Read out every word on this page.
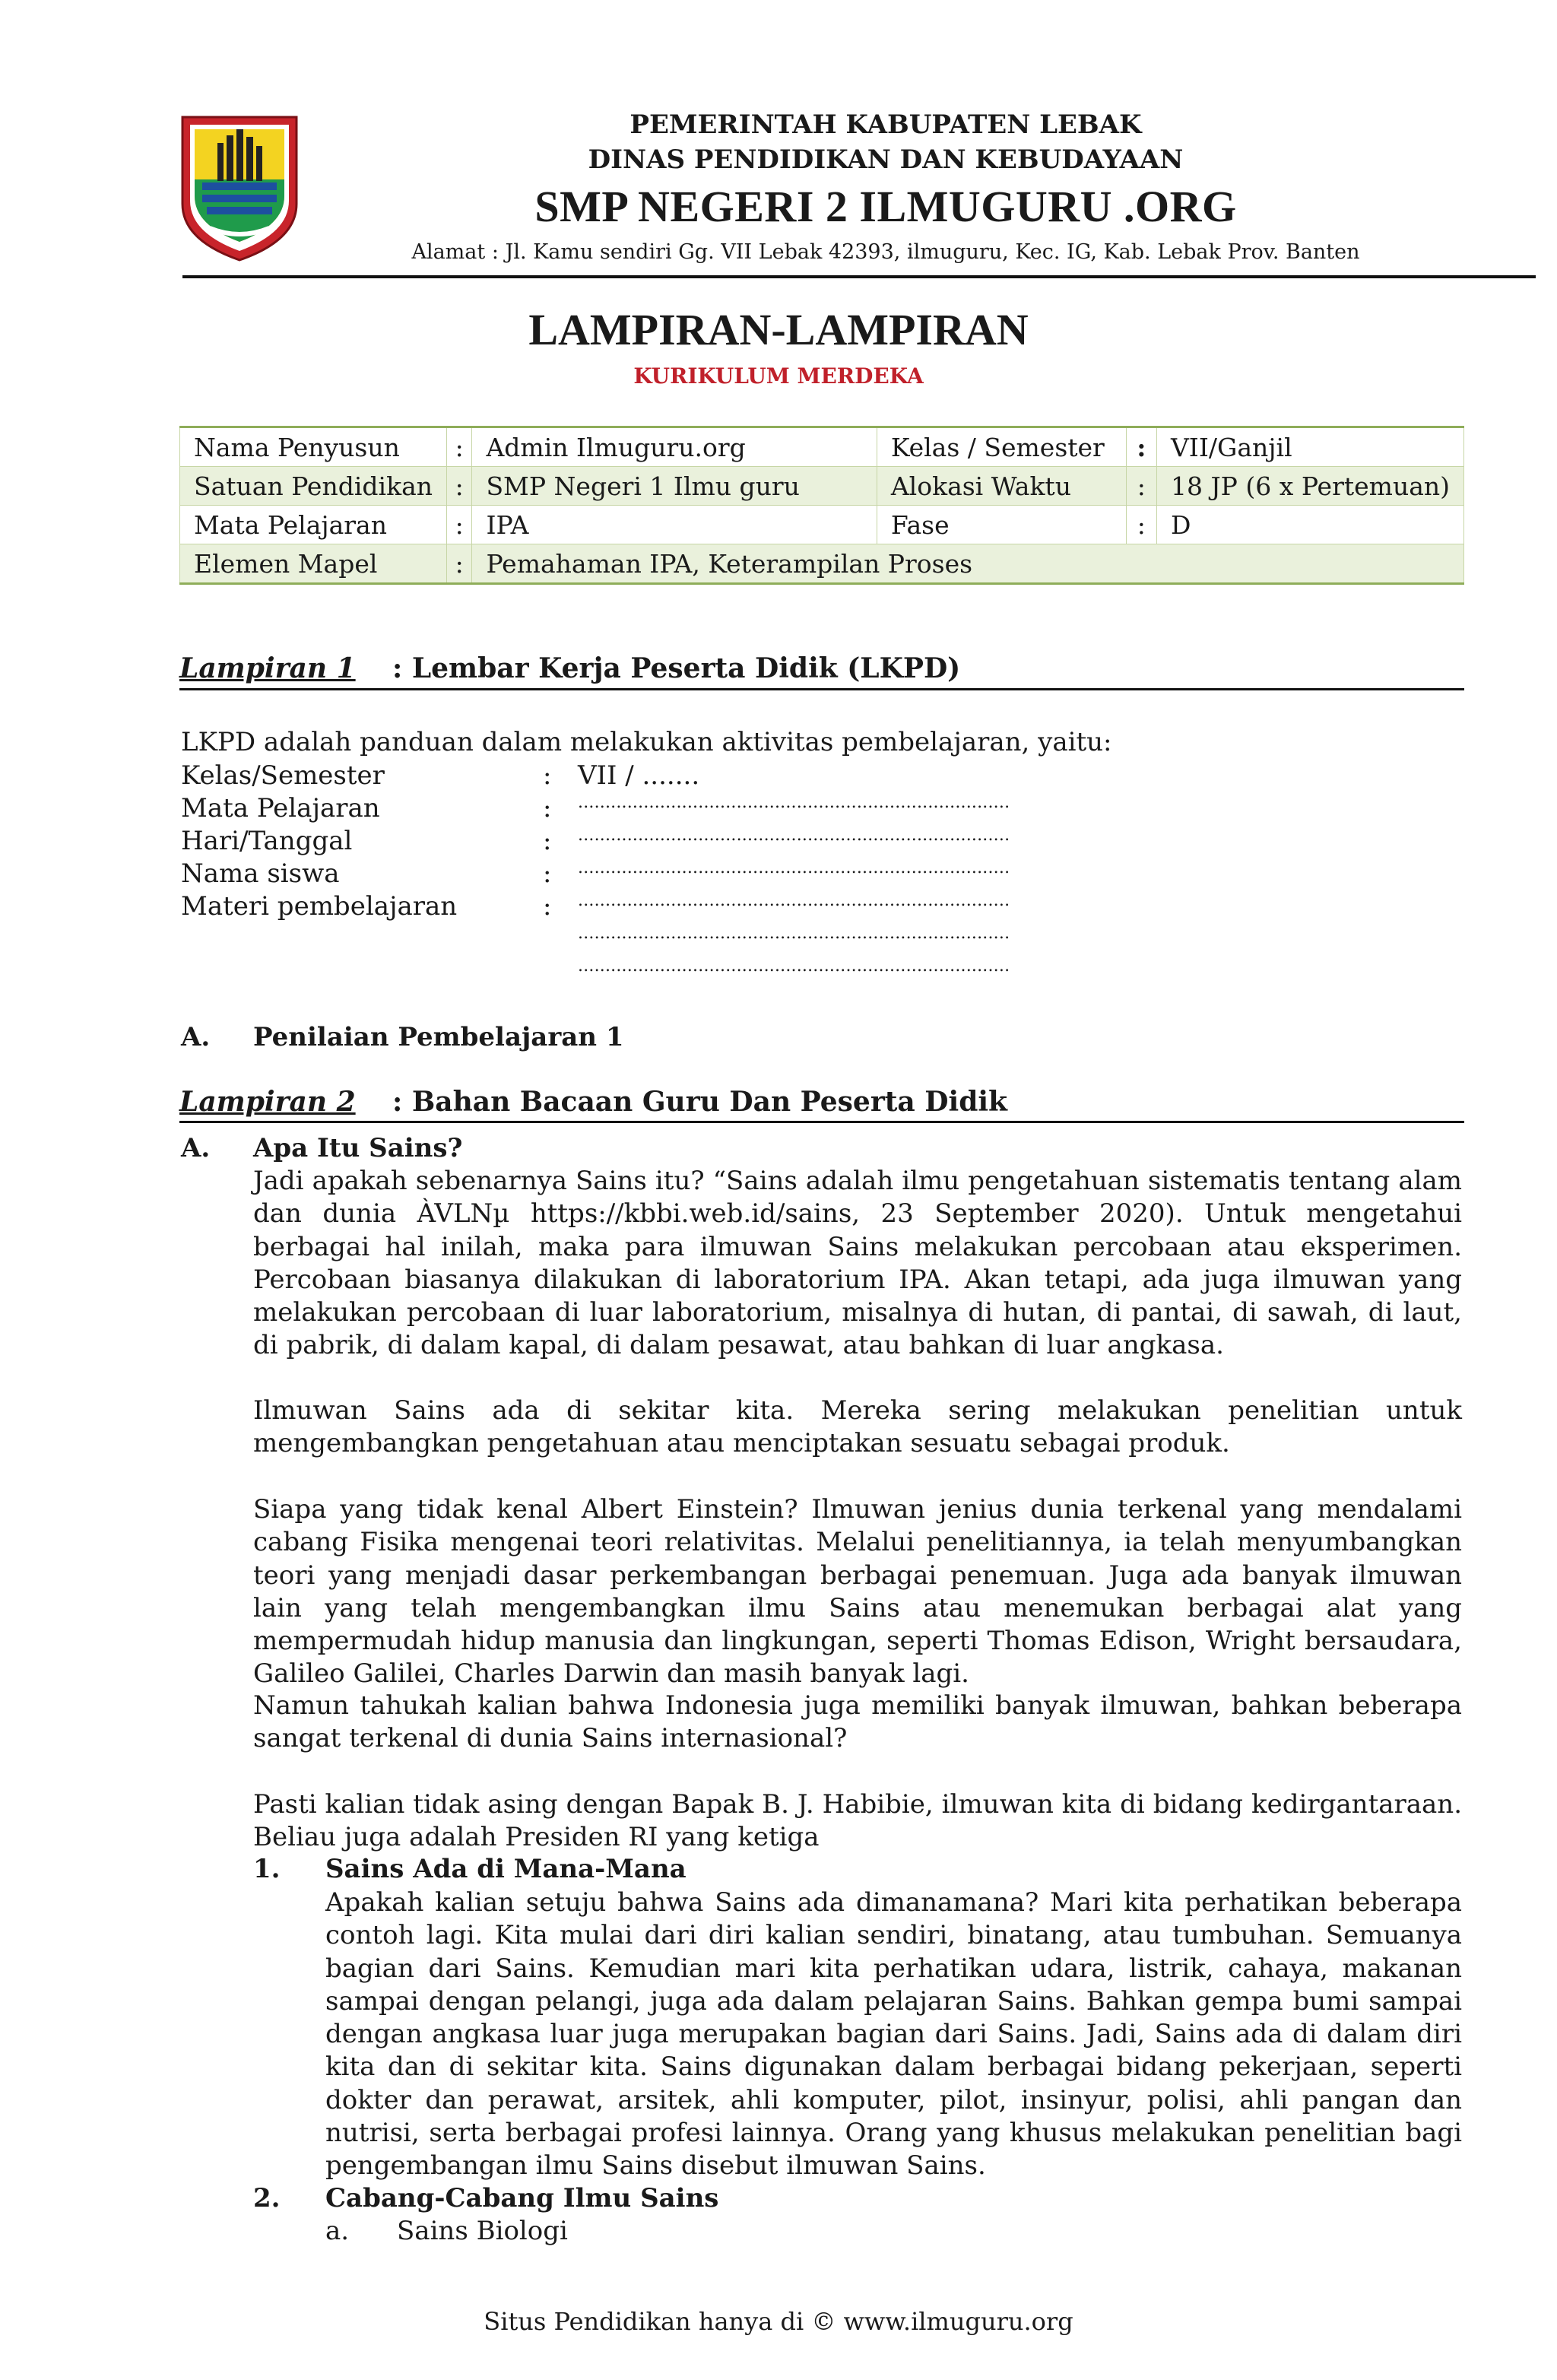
PEMERINTAH KABUPATEN LEBAK
DINAS PENDIDIKAN DAN KEBUDAYAAN
SMP NEGERI 2 ILMUGURU .ORG
Alamat : Jl. Kamu sendiri Gg. VII Lebak 42393, ilmuguru, Kec. IG, Kab. Lebak Prov. Banten
LAMPIRAN-LAMPIRAN
KURIKULUM MERDEKA
Nama Penyusun	:	Admin Ilmuguru.org	Kelas / Semester	:	VII/Ganjil
Satuan Pendidikan	:	SMP Negeri 1 Ilmu guru	Alokasi Waktu	:	18 JP (6 x Pertemuan)
Mata Pelajaran	:	IPA	Fase	:	D
Elemen Mapel	:	Pemahaman IPA, Keterampilan Proses			
Lampiran 1 : Lembar Kerja Peserta Didik (LKPD)
LKPD adalah panduan dalam melakukan aktivitas pembelajaran, yaitu:
Kelas/Semester	: VII / .......
Mata Pelajaran	: ...............................................................................
Hari/Tanggal	: ...............................................................................
Nama siswa	: ...............................................................................
Materi pembelajaran	: ...............................................................................
...............................................................................
...............................................................................
A. Penilaian Pembelajaran 1
Lampiran 2 : Bahan Bacaan Guru Dan Peserta Didik
A. Apa Itu Sains?
Jadi apakah sebenarnya Sains itu? “Sains adalah ilmu pengetahuan sistematis tentang alam dan dunia ÀVLNµ https://kbbi.web.id/sains, 23 September 2020). Untuk mengetahui berbagai hal inilah, maka para ilmuwan Sains melakukan percobaan atau eksperimen. Percobaan biasanya dilakukan di laboratorium IPA. Akan tetapi, ada juga ilmuwan yang melakukan percobaan di luar laboratorium, misalnya di hutan, di pantai, di sawah, di laut, di pabrik, di dalam kapal, di dalam pesawat, atau bahkan di luar angkasa.
Ilmuwan Sains ada di sekitar kita. Mereka sering melakukan penelitian untuk mengembangkan pengetahuan atau menciptakan sesuatu sebagai produk.
Siapa yang tidak kenal Albert Einstein? Ilmuwan jenius dunia terkenal yang mendalami cabang Fisika mengenai teori relativitas. Melalui penelitiannya, ia telah menyumbangkan teori yang menjadi dasar perkembangan berbagai penemuan. Juga ada banyak ilmuwan lain yang telah mengembangkan ilmu Sains atau menemukan berbagai alat yang mempermudah hidup manusia dan lingkungan, seperti Thomas Edison, Wright bersaudara, Galileo Galilei, Charles Darwin dan masih banyak lagi.
Namun tahukah kalian bahwa Indonesia juga memiliki banyak ilmuwan, bahkan beberapa sangat terkenal di dunia Sains internasional?
Pasti kalian tidak asing dengan Bapak B. J. Habibie, ilmuwan kita di bidang kedirgantaraan. Beliau juga adalah Presiden RI yang ketiga
1. Sains Ada di Mana-Mana
Apakah kalian setuju bahwa Sains ada dimanamana? Mari kita perhatikan beberapa contoh lagi. Kita mulai dari diri kalian sendiri, binatang, atau tumbuhan. Semuanya bagian dari Sains. Kemudian mari kita perhatikan udara, listrik, cahaya, makanan sampai dengan pelangi, juga ada dalam pelajaran Sains. Bahkan gempa bumi sampai dengan angkasa luar juga merupakan bagian dari Sains. Jadi, Sains ada di dalam diri kita dan di sekitar kita. Sains digunakan dalam berbagai bidang pekerjaan, seperti dokter dan perawat, arsitek, ahli komputer, pilot, insinyur, polisi, ahli pangan dan nutrisi, serta berbagai profesi lainnya. Orang yang khusus melakukan penelitian bagi pengembangan ilmu Sains disebut ilmuwan Sains.
2. Cabang-Cabang Ilmu Sains
a. Sains Biologi
Situs Pendidikan hanya di © www.ilmuguru.org
